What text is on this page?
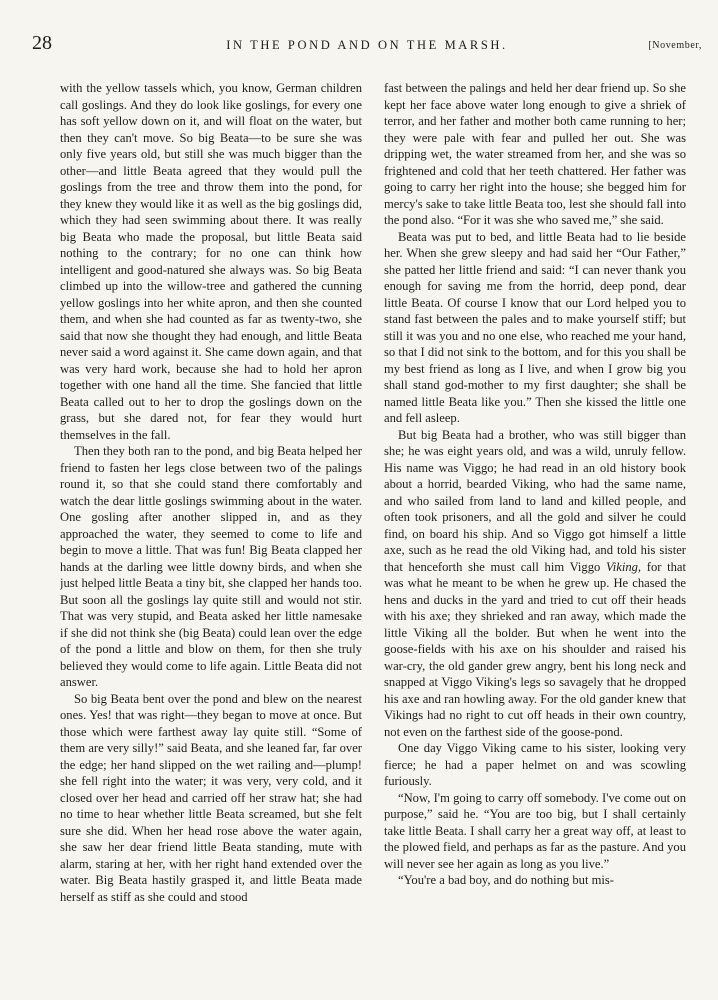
28	IN THE POND AND ON THE MARSH.	[November,

with the yellow tassels which, you know, German children call goslings. And they do look like goslings, for every one has soft yellow down on it, and will float on the water, but then they can't move. So big Beata—to be sure she was only five years old, but still she was much bigger than the other—and little Beata agreed that they would pull the goslings from the tree and throw them into the pond, for they knew they would like it as well as the big goslings did, which they had seen swimming about there. It was really big Beata who made the proposal, but little Beata said nothing to the contrary; for no one can think how intelligent and good-natured she always was. So big Beata climbed up into the willow-tree and gathered the cunning yellow goslings into her white apron, and then she counted them, and when she had counted as far as twenty-two, she said that now she thought they had enough, and little Beata never said a word against it. She came down again, and that was very hard work, because she had to hold her apron together with one hand all the time. She fancied that little Beata called out to her to drop the goslings down on the grass, but she dared not, for fear they would hurt themselves in the fall.

Then they both ran to the pond, and big Beata helped her friend to fasten her legs close between two of the palings round it, so that she could stand there comfortably and watch the dear little goslings swimming about in the water. One gosling after another slipped in, and as they approached the water, they seemed to come to life and begin to move a little. That was fun! Big Beata clapped her hands at the darling wee little downy birds, and when she just helped little Beata a tiny bit, she clapped her hands too. But soon all the goslings lay quite still and would not stir. That was very stupid, and Beata asked her little namesake if she did not think she (big Beata) could lean over the edge of the pond a little and blow on them, for then she truly believed they would come to life again. Little Beata did not answer.

So big Beata bent over the pond and blew on the nearest ones. Yes! that was right—they began to move at once. But those which were farthest away lay quite still. “Some of them are very silly!” said Beata, and she leaned far, far over the edge; her hand slipped on the wet railing and—plump! she fell right into the water; it was very, very cold, and it closed over her head and carried off her straw hat; she had no time to hear whether little Beata screamed, but she felt sure she did. When her head rose above the water again, she saw her dear friend little Beata standing, mute with alarm, staring at her, with her right hand extended over the water. Big Beata hastily grasped it, and little Beata made herself as stiff as she could and stood

fast between the palings and held her dear friend up. So she kept her face above water long enough to give a shriek of terror, and her father and mother both came running to her; they were pale with fear and pulled her out. She was dripping wet, the water streamed from her, and she was so frightened and cold that her teeth chattered. Her father was going to carry her right into the house; she begged him for mercy's sake to take little Beata too, lest she should fall into the pond also. “For it was she who saved me,” she said.

Beata was put to bed, and little Beata had to lie beside her. When she grew sleepy and had said her “Our Father,” she patted her little friend and said: “I can never thank you enough for saving me from the horrid, deep pond, dear little Beata. Of course I know that our Lord helped you to stand fast between the pales and to make yourself stiff; but still it was you and no one else, who reached me your hand, so that I did not sink to the bottom, and for this you shall be my best friend as long as I live, and when I grow big you shall stand god-mother to my first daughter; she shall be named little Beata like you.” Then she kissed the little one and fell asleep.

But big Beata had a brother, who was still bigger than she; he was eight years old, and was a wild, unruly fellow. His name was Viggo; he had read in an old history book about a horrid, bearded Viking, who had the same name, and who sailed from land to land and killed people, and often took prisoners, and all the gold and silver he could find, on board his ship. And so Viggo got himself a little axe, such as he read the old Viking had, and told his sister that henceforth she must call him Viggo Viking, for that was what he meant to be when he grew up. He chased the hens and ducks in the yard and tried to cut off their heads with his axe; they shrieked and ran away, which made the little Viking all the bolder. But when he went into the goose-fields with his axe on his shoulder and raised his war-cry, the old gander grew angry, bent his long neck and snapped at Viggo Viking's legs so savagely that he dropped his axe and ran howling away. For the old gander knew that Vikings had no right to cut off heads in their own country, not even on the farthest side of the goose-pond.

One day Viggo Viking came to his sister, looking very fierce; he had a paper helmet on and was scowling furiously.

“Now, I'm going to carry off somebody. I've come out on purpose,” said he. “You are too big, but I shall certainly take little Beata. I shall carry her a great way off, at least to the plowed field, and perhaps as far as the pasture. And you will never see her again as long as you live.”

“You're a bad boy, and do nothing but mis-
